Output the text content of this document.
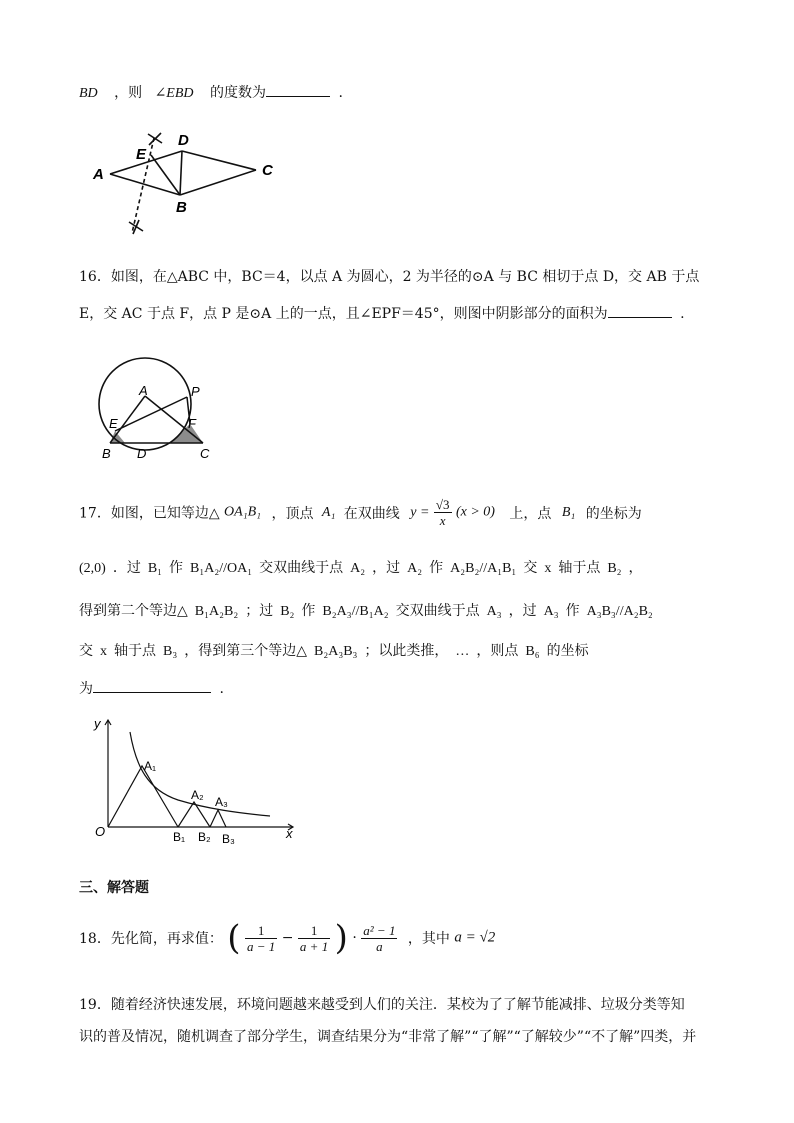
BD ，则 ∠EBD 的度数为	.
A
B
C
D
E
16．如图，在△ABC 中，BC＝4，以点 A 为圆心，2 为半径的⊙A 与 BC 相切于点 D，交 AB 于点
E，交 AC 于点 F，点 P 是⊙A 上的一点，且∠EPF＝45°，则图中阴影部分的面积为	.
A
B	C
D
E	F
P
17．如图，已知等边△ OA₁B₁ ，顶点 A₁ 在双曲线 $y = \frac{√3}{x} (x > 0)$ 上，点 B₁ 的坐标为
(2,0)  ．过  B₁  作  B₁A₂//OA₁  交双曲线于点  A₂  ，过  A₂  作  A₂B₂//A₁B₁  交  x  轴于点  B₂  ，
得到第二个等边△  B₁A₂B₂  ；过  B₂  作  B₂A₃//B₁A₂  交双曲线于点  A₃  ，过  A₃  作  A₃B₃//A₂B₂
交  x  轴于点  B₃  ，得到第三个等边△  B₂A₃B₃  ；以此类推，  …  ，则点  B₆  的坐标
为	.
y
x
O
A₁
A₂ A₃
B₁ B₂ B₃
三、解答题
18．先化简，再求值： ( $\frac{1}{a - 1} - \frac{1}{a + 1}$ ) · $\frac{\text{a² − 1}}{a}$ ，其中 a = √2
19．随着经济快速发展，环境问题越来越受到人们的关注．某校为了了解节能减排、垃圾分类等知
识的普及情况，随机调查了部分学生，调查结果分为“非常了解”“了解”“了解较少”“不了解”四类，并
